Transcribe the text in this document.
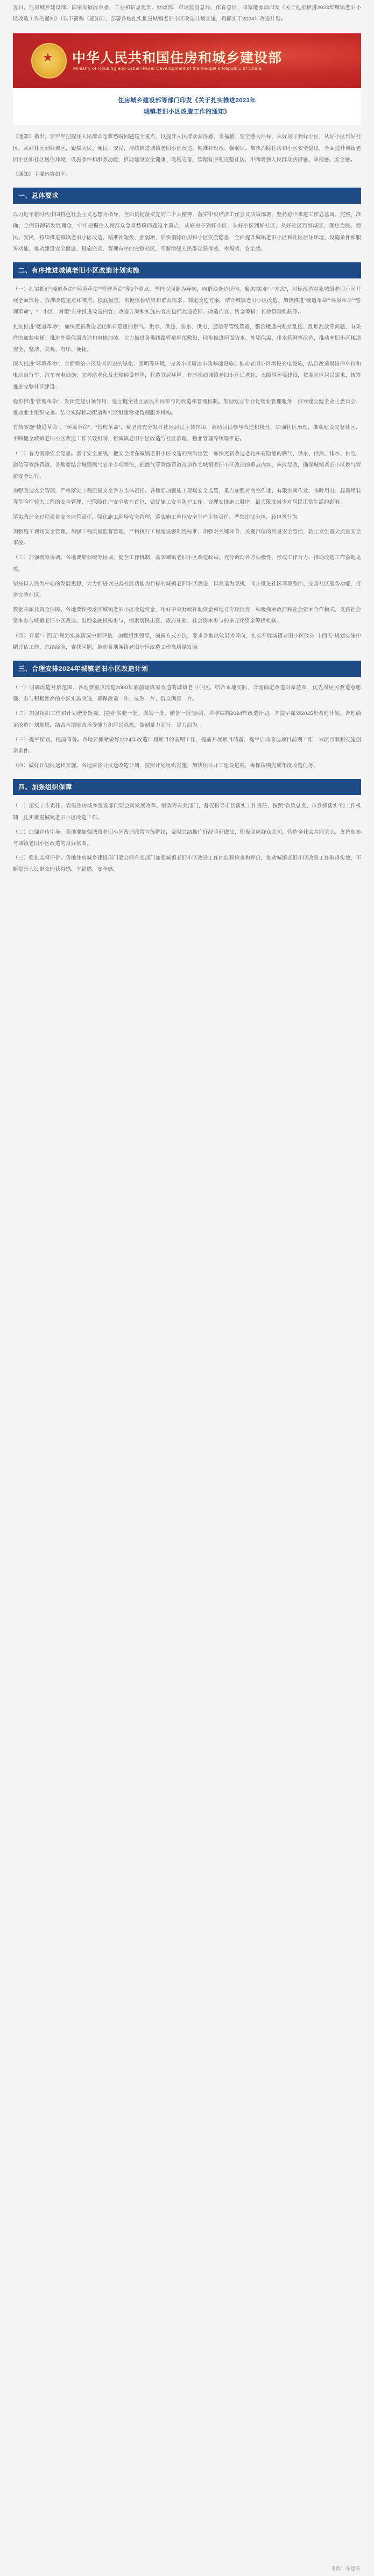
近日，住房城乡建设部、国家发展改革委、工业和信息化部、财政部、市场监管总局、体育总局、国家能源局印发《关于扎实推进2023年城镇老旧小区改造工作的通知》（以下简称《通知》），部署各地扎实推进城镇老旧小区改造计划实施，真抓实干2024年改造计划。

★ 中华人民共和国住房和城乡建设部
Ministry of Housing and Urban-Rural Development of the People's Republic of China
住房城乡建设部等部门印发《关于扎实推进2023年
城镇老旧小区改造工作的通知》

《通知》指出，要牢牢把握住人民群众急难愁盼问题这个重点，以提升人民群众获得感、幸福感、安全感为目标，从好房子到好小区，从好小区到好社区，从好社区到好城区，聚焦为民、便民、安民，持续推进城镇老旧小区改造，精准补短板、强弱项，加快消除住房和小区安全隐患，全面提升城镇老旧小区和社区居住环境、设施条件和服务功能，推动建设安全健康、设施完善、管理有序的完整社区，不断增强人民群众获得感、幸福感、安全感。

《通知》主要内容如下：

一、总体要求

以习近平新时代中国特色社会主义思想为指导，全面贯彻落实党的二十大精神，落实中央经济工作会议决策部署，坚持稳中求进工作总基调，完整、准确、全面贯彻新发展理念，牢牢把握住人民群众急难愁盼问题这个重点，从好房子到好小区，从好小区到好社区，从好社区到好城区，聚焦为民、便民、安民，持续推进城镇老旧小区改造，精准补短板、强弱项，加快消除住房和小区安全隐患，全面提升城镇老旧小区和社区居住环境、设施条件和服务功能，推动建设安全健康、设施完善、管理有序的完整社区，不断增强人民群众获得感、幸福感、安全感。

二、有序推进城镇老旧小区改造计划实施

（一）扎实抓好“楼道革命”“环境革命”“管理革命”等3个重点。坚持以问题为导向，向群众身边延伸，聚焦“实业”+“方式”，对标改造对象城镇老旧小区开展全面体检，找准改造重点和难点，摸底摸查，依据体检结果和群众需求，制定改造方案。结合城镇老旧小区改造，加快推进“楼道革命”“环境革命”“管理革命”，“一小区一对策”有序推进改造内容，改造方案和实施内容应包括改造范围、改造内容、资金筹措、长效管理机制等。

扎实推进“楼道革命”，加快更新改造老化和有隐患的燃气、供水、供热、排水、供电、通信等管线管道，整治楼道内私拉乱接、乱堆乱放等问题，有条件的加装电梯；推进外墙保温改造和电梯加装。大力推进各类线路管道规范敷设，同步推进屋面防水、外墙保温、排水管网等改造，推动老旧小区楼道安全、整洁、美观、有序、便捷。

深入推进“环境革命”，全面整治小区及其周边的绿化、照明等环境，完善小区周边市政基础设施；推动老旧小区增设充电设施，结合改造增设停车位和电动自行车、汽车充电设施；完善适老化及无障碍设施等，打造宜居环境。有序推动城镇老旧小区适老化、无障碍环境建设，按照社区居民需求，统筹推进完整社区建设。

稳步推进“管理革命”，发挥党建引领作用，建立健全社区居民共同参与的改造和管理机制。鼓励建立专业化物业管理服务，指导建立健全业主委员会，推动业主组织完善。结合实际推动街道和社区组建物业管理服务机构。

有效实施“楼道革命”、“环境革命”、“管理革命”，要坚持充分发挥社区居民主体作用，调动居民参与改造积极性，加强社区治理，推动建设完整社区，不断健全城镇老旧小区改造工作长效机制，将城镇老旧小区改造与社区治理、物业管理等统筹推进。

（二）着力消除安全隐患。坚守安全底线，把安全摆在城镇老旧小区改造的突出位置，加快更新改造老化和有隐患的燃气、供水、供热、排水、供电、通信等管线管道。各地要结合城镇燃气安全专项整治，把燃气等管线管道改造作为城镇老旧小区改造的重点内容，应改尽改，确保城镇老旧小区燃气管道安全运行。

加强改造安全管理，严格落实工程质量安全各方主体责任。各地要加强施工现场安全监管，重点加强对高空作业、有限空间作业、临时用电、起重吊装等危险性较大工程的安全管理，把保障住户安全放在首位，做好施工安全防护工作。合理安排施工时序，最大限度减少对居民正常生活的影响。

落实改造全过程质量安全监管责任，强化施工现场安全管理，落实施工单位安全生产主体责任。严禁违法分包、转包等行为。

加强施工现场安全管理，加强工程质量监督管理，严格执行工程建设强制性标准，加强对关键环节、关键部位的质量安全管控，防止发生重大质量安全事故。

（三）加强统筹协调。各地要加强统筹协调，健全工作机制，落实城镇老旧小区改造政策。充分调动各方积极性，形成工作合力，推动改造工作落地见效。

坚持以人民为中心的发展思想，大力推进以完善社区功能为目标的城镇老旧小区改造，以改造为契机，同步推进社区环境整治、完善社区服务功能，打造完整社区。

数据来源及资金保障。各地要积极落实城镇老旧小区改造资金，用好中央财政补助资金和地方专项债券，积极探索政府和社会资本合作模式，支持社会资本参与城镇老旧小区改造。鼓励金融机构参与，探索居民出资、政府补助、社会资本参与的多元化资金筹措机制。

（四）开展“十四五”规划实施情况中期评估。加强组织领导，创新方式方法，要求各地以效果为导向，扎实开展城镇老旧小区改造“十四五”规划实施中期评估工作，总结经验，查找问题，推动各地城镇老旧小区改造工作高质量发展。

三、合理安排2024年城镇老旧小区改造计划

（一）明确改造对象范围。各地要重点改造2000年底前建成需改造的城镇老旧小区。结合本地实际，合理确定改造对象范围，优先对居民改造意愿强、参与积极性高的小区实施改造，确保改造一片、成熟一片、群众满意一片。

（二）加强组织工作和计划统筹衔接。按照“实施一批、谋划一批、储备一批”原则，科学编制2024年改造计划，并提早谋划2025年改造计划。合理确定改造计划规模，结合本地财政承受能力和居民意愿，做到量力而行、尽力而为。

（三）提早谋划、提前储备。各地要抓紧做好2024年改造计划项目的前期工作，提前开展项目储备，提早启动改造项目前期工作，为项目顺利实施创造条件。

（四）做好计划报送和实施。各地要按时报送改造计划，按照计划组织实施，加快项目开工建设进度，确保按期完成年度改造任务。

四、加强组织保障

（一）压实工作责任。省级住房城乡建设部门要会同发展改革、财政等有关部门，督促指导市县落实工作责任，按照“省负总责、市县抓落实”的工作机制，扎实推进城镇老旧小区改造工作。

（二）加强宣传引导。各地要加强城镇老旧小区改造政策宣传解读，及时总结推广好经验好做法，积极回应群众关切，营造全社会共同关心、支持和参与城镇老旧小区改造的良好氛围。

（三）强化监督评价。各地住房城乡建设部门要会同有关部门加强城镇老旧小区改造工作的监督检查和评价，推动城镇老旧小区改造工作取得实效，不断提升人民群众的获得感、幸福感、安全感。

来源：住建部
